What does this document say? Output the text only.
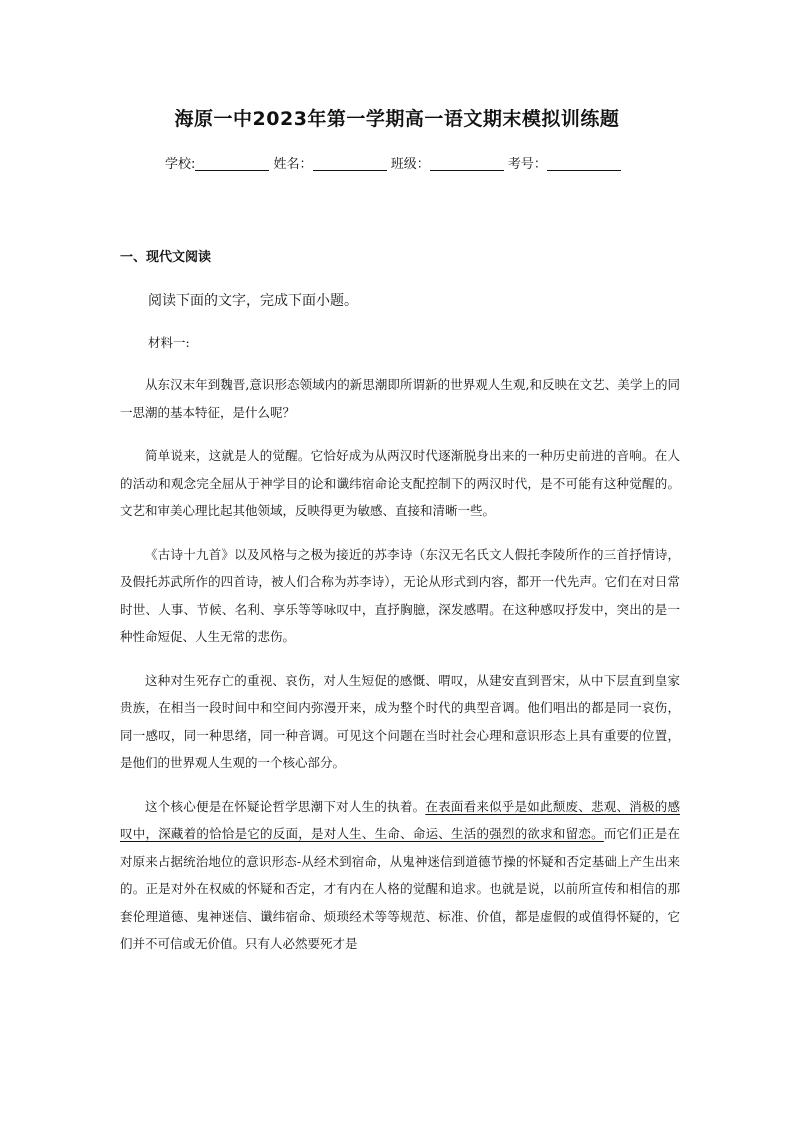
海原一中2023年第一学期高一语文期末模拟训练题
学校:	姓名：	班级：	考号：
一、现代文阅读
阅读下面的文字，完成下面小题。
材料一:

从东汉末年到魏晋,意识形态领域内的新思潮即所谓新的世界观人生观,和反映在文艺、美学上的同一思潮的基本特征，是什么呢？

简单说来，这就是人的觉醒。它恰好成为从两汉时代逐渐脱身出来的一种历史前进的音响。在人的活动和观念完全屈从于神学目的论和谶纬宿命论支配控制下的两汉时代，是不可能有这种觉醒的。文艺和审美心理比起其他领域，反映得更为敏感、直接和清晰一些。

《古诗十九首》以及风格与之极为接近的苏李诗（东汉无名氏文人假托李陵所作的三首抒情诗，及假托苏武所作的四首诗，被人们合称为苏李诗），无论从形式到内容，都开一代先声。它们在对日常时世、人事、节候、名利、享乐等等咏叹中，直抒胸臆，深发感喟。在这种感叹抒发中，突出的是一种性命短促、人生无常的悲伤。

这种对生死存亡的重视、哀伤，对人生短促的感慨、喟叹，从建安直到晋宋，从中下层直到皇家贵族，在相当一段时间中和空间内弥漫开来，成为整个时代的典型音调。他们唱出的都是同一哀伤，同一感叹，同一种思绪，同一种音调。可见这个问题在当时社会心理和意识形态上具有重要的位置，是他们的世界观人生观的一个核心部分。

这个核心便是在怀疑论哲学思潮下对人生的执着。在表面看来似乎是如此颓废、悲观、消极的感叹中，深藏着的恰恰是它的反面，是对人生、生命、命运、生活的强烈的欲求和留恋。而它们正是在对原来占据统治地位的意识形态-从经术到宿命，从鬼神迷信到道德节操的怀疑和否定基础上产生出来的。正是对外在权威的怀疑和否定，才有内在人格的觉醒和追求。也就是说，以前所宣传和相信的那套伦理道德、鬼神迷信、谶纬宿命、烦琐经术等等规范、标准、价值，都是虚假的或值得怀疑的，它们并不可信或无价值。只有人必然要死才是
